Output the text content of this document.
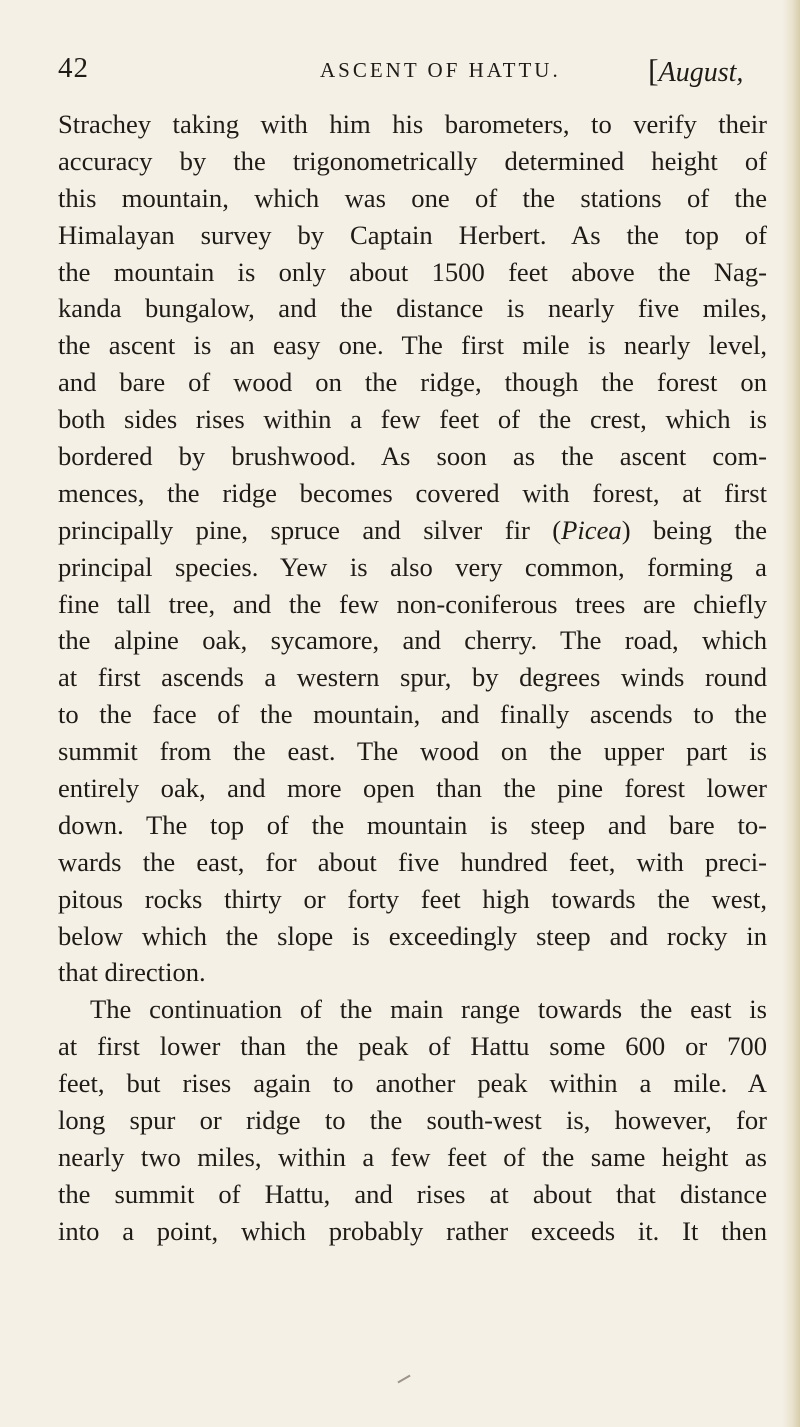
42	ASCENT OF HATTU.	[August,
Strachey taking with him his barometers, to verify their
accuracy by the trigonometrically determined height of
this mountain, which was one of the stations of the
Himalayan survey by Captain Herbert. As the top of
the mountain is only about 1500 feet above the Nag-
kanda bungalow, and the distance is nearly five miles,
the ascent is an easy one. The first mile is nearly level,
and bare of wood on the ridge, though the forest on
both sides rises within a few feet of the crest, which is
bordered by brushwood. As soon as the ascent com-
mences, the ridge becomes covered with forest, at first
principally pine, spruce and silver fir (Picea) being the
principal species. Yew is also very common, forming a
fine tall tree, and the few non-coniferous trees are chiefly
the alpine oak, sycamore, and cherry. The road, which
at first ascends a western spur, by degrees winds round
to the face of the mountain, and finally ascends to the
summit from the east. The wood on the upper part is
entirely oak, and more open than the pine forest lower
down. The top of the mountain is steep and bare to-
wards the east, for about five hundred feet, with preci-
pitous rocks thirty or forty feet high towards the west,
below which the slope is exceedingly steep and rocky in
that direction.
The continuation of the main range towards the east is
at first lower than the peak of Hattu some 600 or 700
feet, but rises again to another peak within a mile. A
long spur or ridge to the south-west is, however, for
nearly two miles, within a few feet of the same height as
the summit of Hattu, and rises at about that distance
into a point, which probably rather exceeds it. It then
